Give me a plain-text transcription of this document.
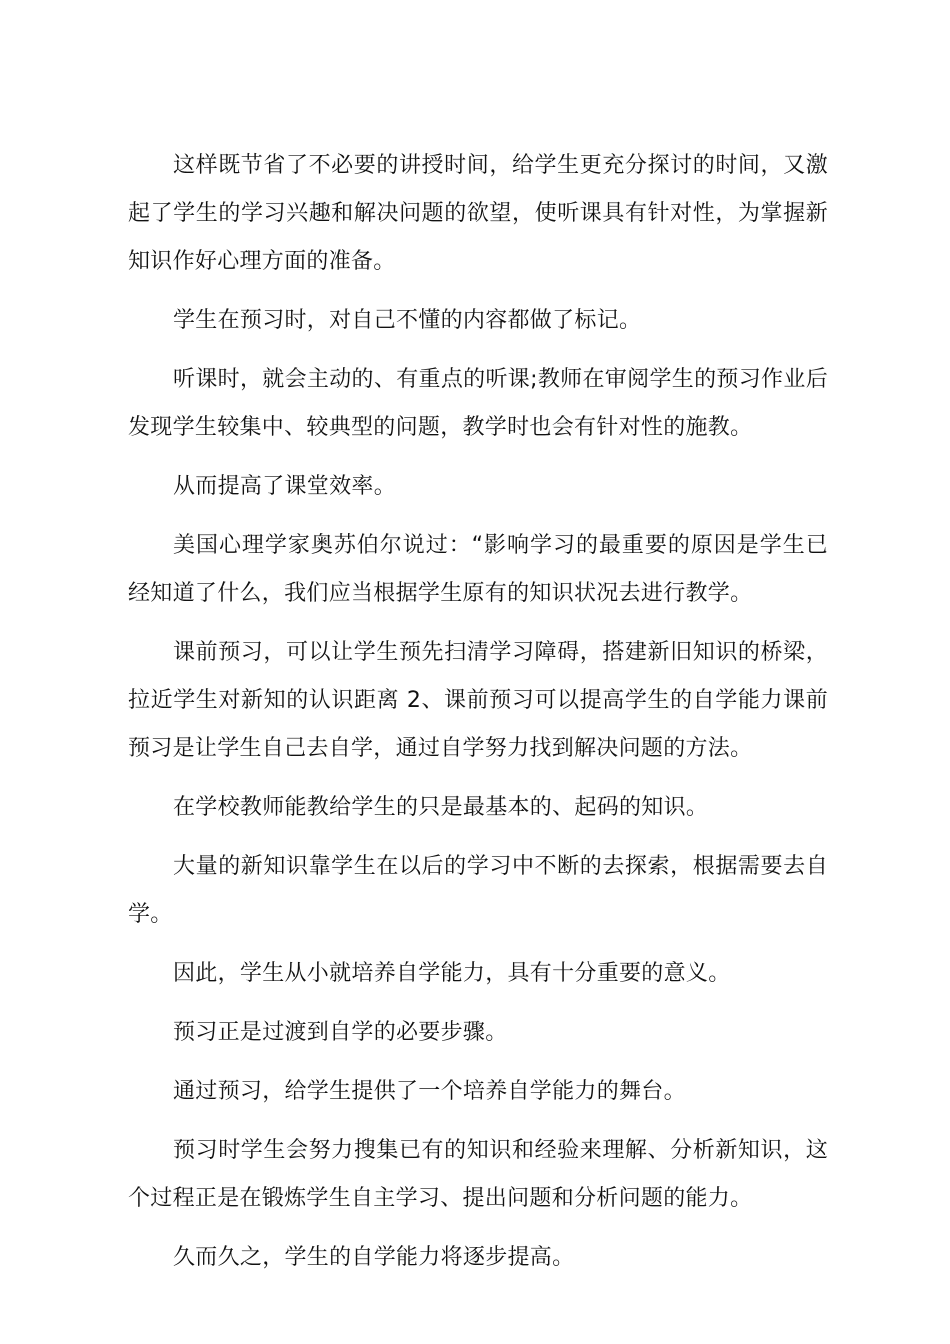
这样既节省了不必要的讲授时间，给学生更充分探讨的时间，又激起了学生的学习兴趣和解决问题的欲望，使听课具有针对性，为掌握新知识作好心理方面的准备。

学生在预习时，对自己不懂的内容都做了标记。

听课时，就会主动的、有重点的听课;教师在审阅学生的预习作业后发现学生较集中、较典型的问题，教学时也会有针对性的施教。

从而提高了课堂效率。

美国心理学家奥苏伯尔说过：“影响学习的最重要的原因是学生已经知道了什么，我们应当根据学生原有的知识状况去进行教学。

课前预习，可以让学生预先扫清学习障碍，搭建新旧知识的桥梁，拉近学生对新知的认识距离 2、课前预习可以提高学生的自学能力课前预习是让学生自己去自学，通过自学努力找到解决问题的方法。

在学校教师能教给学生的只是最基本的、起码的知识。

大量的新知识靠学生在以后的学习中不断的去探索，根据需要去自学。

因此，学生从小就培养自学能力，具有十分重要的意义。

预习正是过渡到自学的必要步骤。

通过预习，给学生提供了一个培养自学能力的舞台。

预习时学生会努力搜集已有的知识和经验来理解、分析新知识，这个过程正是在锻炼学生自主学习、提出问题和分析问题的能力。

久而久之，学生的自学能力将逐步提高。
